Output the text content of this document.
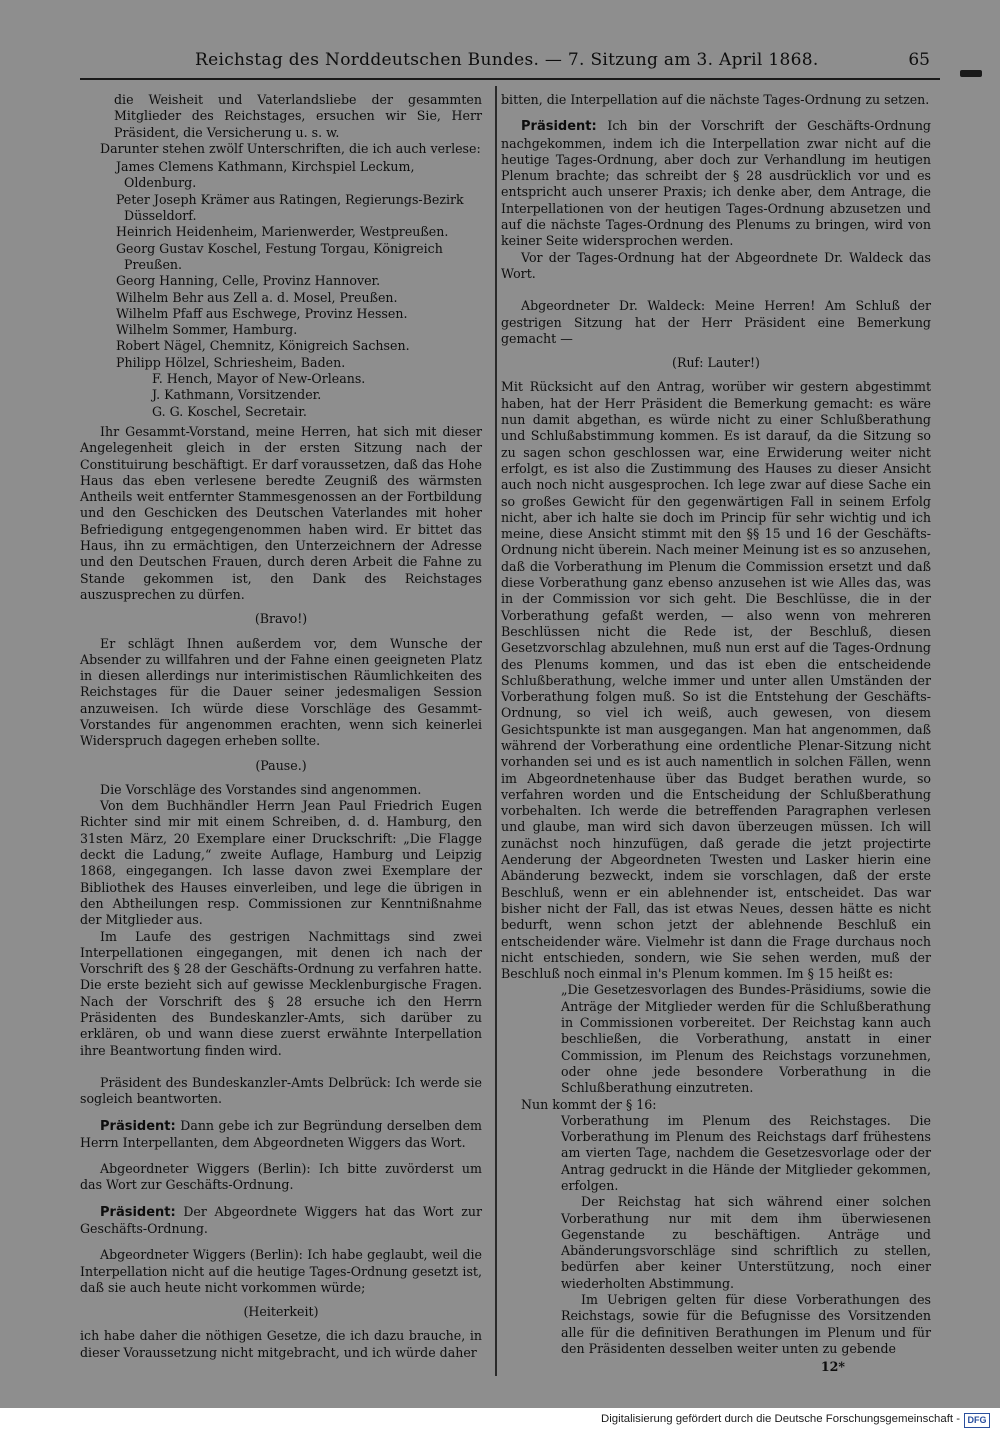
Reichstag des Norddeutschen Bundes. — 7. Sitzung am 3. April 1868.	65

die Weisheit und Vaterlandsliebe der gesammten Mitglieder des Reichstages, ersuchen wir Sie, Herr Präsident, die Versicherung u. s. w.

Darunter stehen zwölf Unterschriften, die ich auch verlese:

James Clemens Kathmann, Kirchspiel Leckum, Oldenburg.
Peter Joseph Krämer aus Ratingen, Regierungs-Bezirk Düsseldorf.
Heinrich Heidenheim, Marienwerder, Westpreußen.
Georg Gustav Koschel, Festung Torgau, Königreich Preußen.
Georg Hanning, Celle, Provinz Hannover.
Wilhelm Behr aus Zell a. d. Mosel, Preußen.
Wilhelm Pfaff aus Eschwege, Provinz Hessen.
Wilhelm Sommer, Hamburg.
Robert Nägel, Chemnitz, Königreich Sachsen.
Philipp Hölzel, Schriesheim, Baden.
F. Hench, Mayor of New-Orleans.
J. Kathmann, Vorsitzender.
G. G. Koschel, Secretair.

Ihr Gesammt-Vorstand, meine Herren, hat sich mit dieser Angelegenheit gleich in der ersten Sitzung nach der Constituirung beschäftigt. Er darf voraussetzen, daß das Hohe Haus das eben verlesene beredte Zeugniß des wärmsten Antheils weit entfernter Stammesgenossen an der Fortbildung und den Geschicken des Deutschen Vaterlandes mit hoher Befriedigung entgegengenommen haben wird. Er bittet das Haus, ihn zu ermächtigen, den Unterzeichnern der Adresse und den Deutschen Frauen, durch deren Arbeit die Fahne zu Stande gekommen ist, den Dank des Reichstages auszusprechen zu dürfen.

(Bravo!)

Er schlägt Ihnen außerdem vor, dem Wunsche der Absender zu willfahren und der Fahne einen geeigneten Platz in diesen allerdings nur interimistischen Räumlichkeiten des Reichstages für die Dauer seiner jedesmaligen Session anzuweisen. Ich würde diese Vorschläge des Gesammt-Vorstandes für angenommen erachten, wenn sich keinerlei Widerspruch dagegen erheben sollte.

(Pause.)

Die Vorschläge des Vorstandes sind angenommen.

Von dem Buchhändler Herrn Jean Paul Friedrich Eugen Richter sind mir mit einem Schreiben, d. d. Hamburg, den 31sten März, 20 Exemplare einer Druckschrift: „Die Flagge deckt die Ladung,“ zweite Auflage, Hamburg und Leipzig 1868, eingegangen. Ich lasse davon zwei Exemplare der Bibliothek des Hauses einverleiben, und lege die übrigen in den Abtheilungen resp. Commissionen zur Kenntnißnahme der Mitglieder aus.

Im Laufe des gestrigen Nachmittags sind zwei Interpellationen eingegangen, mit denen ich nach der Vorschrift des § 28 der Geschäfts-Ordnung zu verfahren hatte. Die erste bezieht sich auf gewisse Mecklenburgische Fragen. Nach der Vorschrift des § 28 ersuche ich den Herrn Präsidenten des Bundeskanzler-Amts, sich darüber zu erklären, ob und wann diese zuerst erwähnte Interpellation ihre Beantwortung finden wird.

Präsident des Bundeskanzler-Amts Delbrück: Ich werde sie sogleich beantworten.

Präsident: Dann gebe ich zur Begründung derselben dem Herrn Interpellanten, dem Abgeordneten Wiggers das Wort.

Abgeordneter Wiggers (Berlin): Ich bitte zuvörderst um das Wort zur Geschäfts-Ordnung.

Präsident: Der Abgeordnete Wiggers hat das Wort zur Geschäfts-Ordnung.

Abgeordneter Wiggers (Berlin): Ich habe geglaubt, weil die Interpellation nicht auf die heutige Tages-Ordnung gesetzt ist, daß sie auch heute nicht vorkommen würde;

(Heiterkeit)

ich habe daher die nöthigen Gesetze, die ich dazu brauche, in dieser Voraussetzung nicht mitgebracht, und ich würde daher

bitten, die Interpellation auf die nächste Tages-Ordnung zu setzen.

Präsident: Ich bin der Vorschrift der Geschäfts-Ordnung nachgekommen, indem ich die Interpellation zwar nicht auf die heutige Tages-Ordnung, aber doch zur Verhandlung im heutigen Plenum brachte; das schreibt der § 28 ausdrücklich vor und es entspricht auch unserer Praxis; ich denke aber, dem Antrage, die Interpellationen von der heutigen Tages-Ordnung abzusetzen und auf die nächste Tages-Ordnung des Plenums zu bringen, wird von keiner Seite widersprochen werden.

Vor der Tages-Ordnung hat der Abgeordnete Dr. Waldeck das Wort.

Abgeordneter Dr. Waldeck: Meine Herren! Am Schluß der gestrigen Sitzung hat der Herr Präsident eine Bemerkung gemacht —

(Ruf: Lauter!)

Mit Rücksicht auf den Antrag, worüber wir gestern abgestimmt haben, hat der Herr Präsident die Bemerkung gemacht: es wäre nun damit abgethan, es würde nicht zu einer Schlußberathung und Schlußabstimmung kommen. Es ist darauf, da die Sitzung so zu sagen schon geschlossen war, eine Erwiderung weiter nicht erfolgt, es ist also die Zustimmung des Hauses zu dieser Ansicht auch noch nicht ausgesprochen. Ich lege zwar auf diese Sache ein so großes Gewicht für den gegenwärtigen Fall in seinem Erfolg nicht, aber ich halte sie doch im Princip für sehr wichtig und ich meine, diese Ansicht stimmt mit den §§ 15 und 16 der Geschäfts-Ordnung nicht überein. Nach meiner Meinung ist es so anzusehen, daß die Vorberathung im Plenum die Commission ersetzt und daß diese Vorberathung ganz ebenso anzusehen ist wie Alles das, was in der Commission vor sich geht. Die Beschlüsse, die in der Vorberathung gefaßt werden, — also wenn von mehreren Beschlüssen nicht die Rede ist, der Beschluß, diesen Gesetzvorschlag abzulehnen, muß nun erst auf die Tages-Ordnung des Plenums kommen, und das ist eben die entscheidende Schlußberathung, welche immer und unter allen Umständen der Vorberathung folgen muß. So ist die Entstehung der Geschäfts-Ordnung, so viel ich weiß, auch gewesen, von diesem Gesichtspunkte ist man ausgegangen. Man hat angenommen, daß während der Vorberathung eine ordentliche Plenar-Sitzung nicht vorhanden sei und es ist auch namentlich in solchen Fällen, wenn im Abgeordnetenhause über das Budget berathen wurde, so verfahren worden und die Entscheidung der Schlußberathung vorbehalten. Ich werde die betreffenden Paragraphen verlesen und glaube, man wird sich davon überzeugen müssen. Ich will zunächst noch hinzufügen, daß gerade die jetzt projectirte Aenderung der Abgeordneten Twesten und Lasker hierin eine Abänderung bezweckt, indem sie vorschlagen, daß der erste Beschluß, wenn er ein ablehnender ist, entscheidet. Das war bisher nicht der Fall, das ist etwas Neues, dessen hätte es nicht bedurft, wenn schon jetzt der ablehnende Beschluß ein entscheidender wäre. Vielmehr ist dann die Frage durchaus noch nicht entschieden, sondern, wie Sie sehen werden, muß der Beschluß noch einmal in's Plenum kommen. Im § 15 heißt es:

„Die Gesetzesvorlagen des Bundes-Präsidiums, sowie die Anträge der Mitglieder werden für die Schlußberathung in Commissionen vorbereitet. Der Reichstag kann auch beschließen, die Vorberathung, anstatt in einer Commission, im Plenum des Reichstags vorzunehmen, oder ohne jede besondere Vorberathung in die Schlußberathung einzutreten.

Nun kommt der § 16:

Vorberathung im Plenum des Reichstages. Die Vorberathung im Plenum des Reichstags darf frühestens am vierten Tage, nachdem die Gesetzesvorlage oder der Antrag gedruckt in die Hände der Mitglieder gekommen, erfolgen.

Der Reichstag hat sich während einer solchen Vorberathung nur mit dem ihm überwiesenen Gegenstande zu beschäftigen. Anträge und Abänderungsvorschläge sind schriftlich zu stellen, bedürfen aber keiner Unterstützung, noch einer wiederholten Abstimmung.

Im Uebrigen gelten für diese Vorberathungen des Reichstags, sowie für die Befugnisse des Vorsitzenden alle für die definitiven Berathungen im Plenum und für den Präsidenten desselben weiter unten zu gebende

12*

Digitalisierung gefördert durch die Deutsche Forschungsgemeinschaft - DFG
